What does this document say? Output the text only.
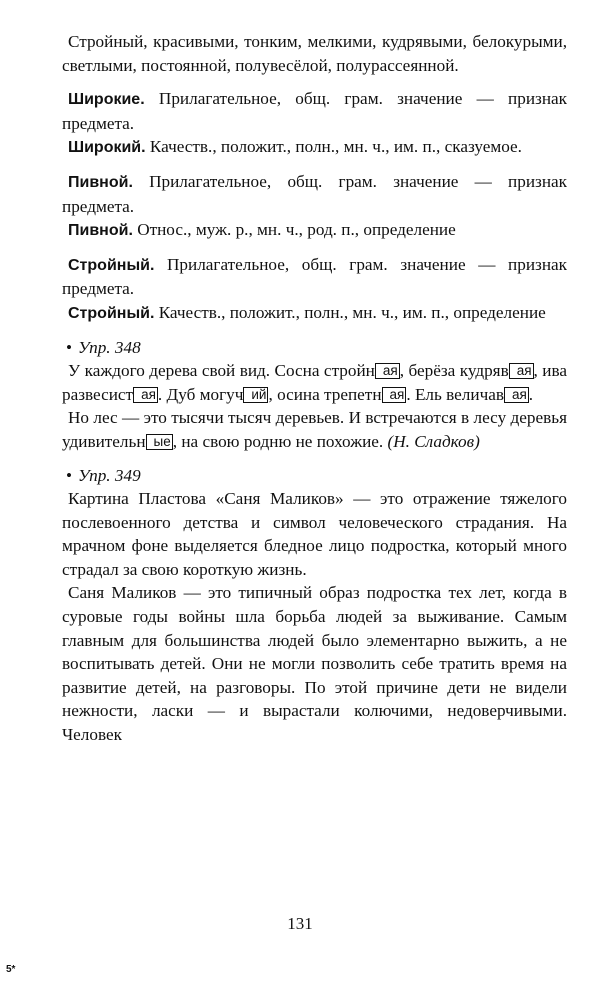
Стройный, красивыми, тонким, мелкими, кудрявыми, белокурыми, светлыми, постоянной, полувесёлой, полурассеянной.

Широкие. Прилагательное, общ. грам. значение — признак предмета.

Широкий. Качеств., положит., полн., мн. ч., им. п., сказуемое.

Пивной. Прилагательное, общ. грам. значение — признак предмета.

Пивной. Относ., муж. р., мн. ч., род. п., определение

Стройный. Прилагательное, общ. грам. значение — признак предмета.

Стройный. Качеств., положит., полн., мн. ч., им. п., определение

• Упр. 348

У каждого дерева свой вид. Сосна стройн ая , берёза кудряв ая , ива развесист ая . Дуб могуч ий , осина трепетн ая . Ель величав ая .

Но лес — это тысячи тысяч деревьев. И встречаются в лесу деревья удивительн ые , на свою родню не похожие. (Н. Сладков)

• Упр. 349

Картина Пластова «Саня Маликов» — это отражение тяжелого послевоенного детства и символ человеческого страдания. На мрачном фоне выделяется бледное лицо подростка, который много страдал за свою короткую жизнь.

Саня Маликов — это типичный образ подростка тех лет, когда в суровые годы войны шла борьба людей за выживание. Самым главным для большинства людей было элементарно выжить, а не воспитывать детей. Они не могли позволить себе тратить время на развитие детей, на разговоры. По этой причине дети не видели нежности, ласки — и вырастали колючими, недоверчивыми. Человек

131
5*
